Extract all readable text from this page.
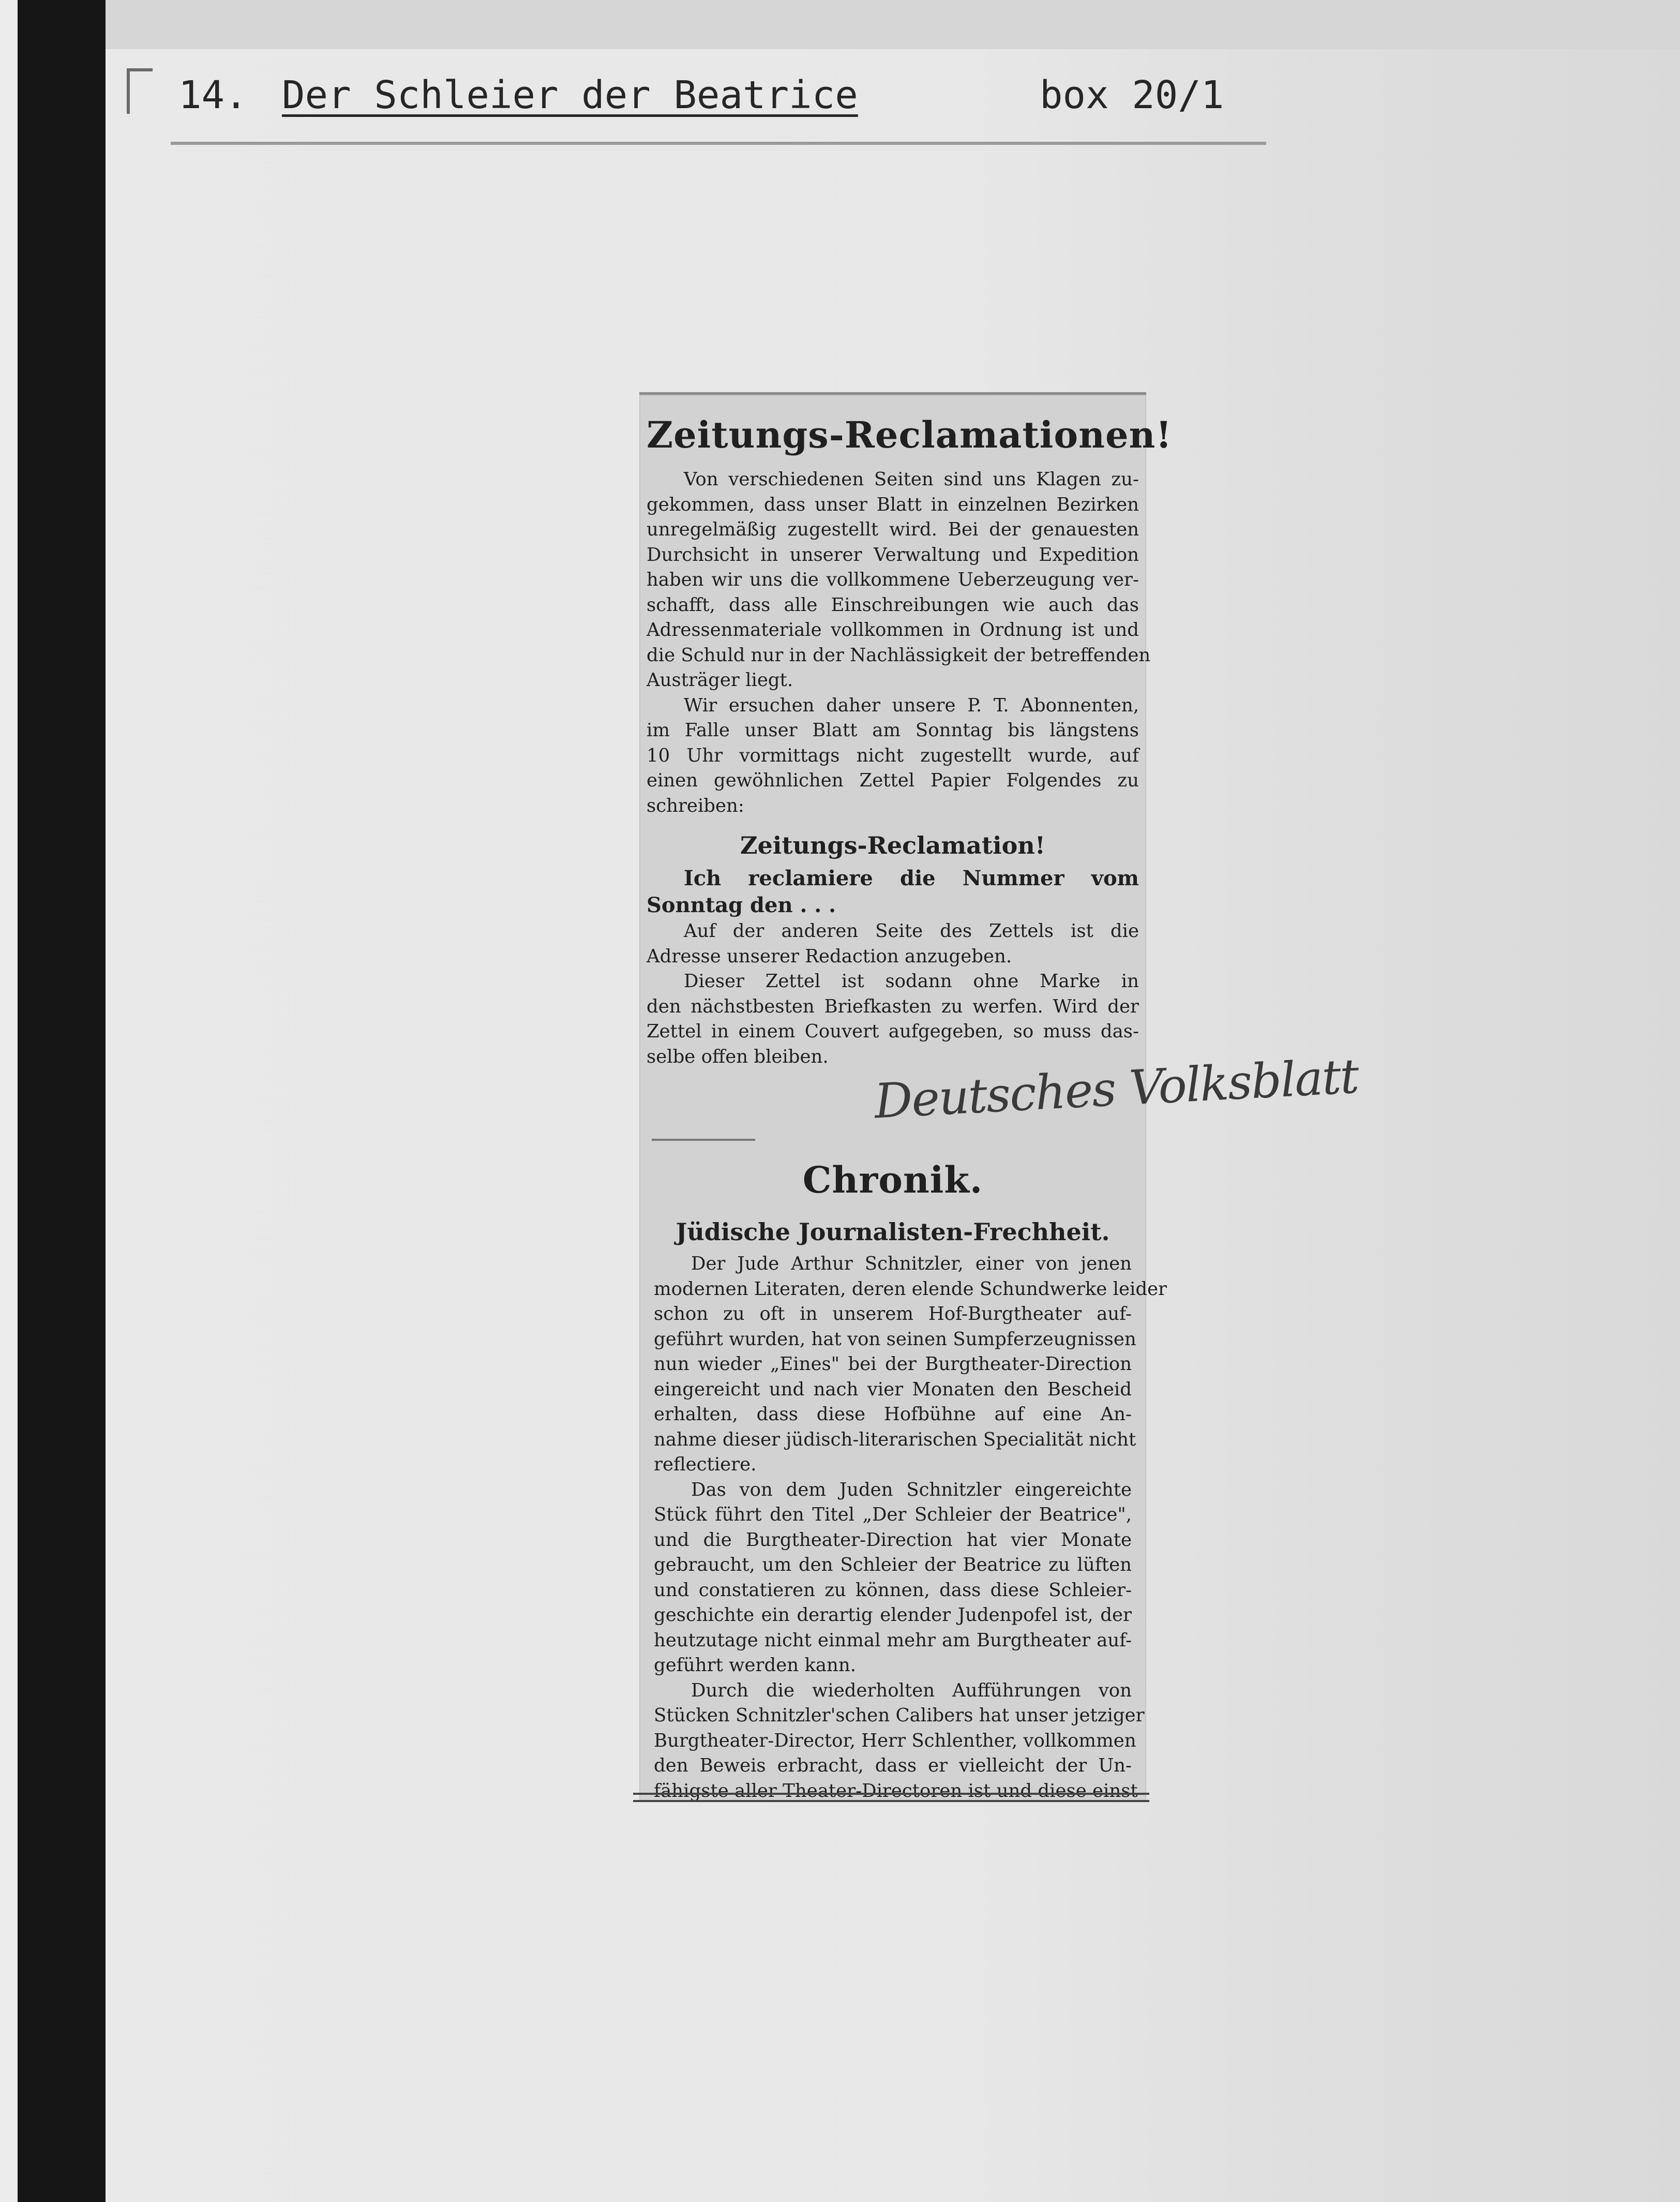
14. Der Schleier der Beatrice	box 20/1
Zeitungs-Reclamationen!
Von verschiedenen Seiten sind uns Klagen zu-
gekommen, dass unser Blatt in einzelnen Bezirken
unregelmäßig zugestellt wird. Bei der genauesten
Durchsicht in unserer Verwaltung und Expedition
haben wir uns die vollkommene Ueberzeugung ver-
schafft, dass alle Einschreibungen wie auch das
Adressenmateriale vollkommen in Ordnung ist und
die Schuld nur in der Nachlässigkeit der betreffenden
Austräger liegt.
Wir ersuchen daher unsere P. T. Abonnenten,
im Falle unser Blatt am Sonntag bis längstens
10 Uhr vormittags nicht zugestellt wurde, auf
einen gewöhnlichen Zettel Papier Folgendes zu
schreiben:
Zeitungs-Reclamation!
Ich reclamiere die Nummer vom
Sonntag den . . .
Auf der anderen Seite des Zettels ist die
Adresse unserer Redaction anzugeben.
Dieser Zettel ist sodann ohne Marke in
den nächstbesten Briefkasten zu werfen. Wird der
Zettel in einem Couvert aufgegeben, so muss das-
selbe offen bleiben. Deutsches Volksblatt
Chronik.
Jüdische Journalisten-Frechheit.
Der Jude Arthur Schnitzler, einer von jenen
modernen Literaten, deren elende Schundwerke leider
schon zu oft in unserem Hof-Burgtheater auf-
geführt wurden, hat von seinen Sumpferzeugnissen
nun wieder „Eines" bei der Burgtheater-Direction
eingereicht und nach vier Monaten den Bescheid
erhalten, dass diese Hofbühne auf eine An-
nahme dieser jüdisch-literarischen Specialität nicht
reflectiere.
Das von dem Juden Schnitzler eingereichte
Stück führt den Titel „Der Schleier der Beatrice",
und die Burgtheater-Direction hat vier Monate
gebraucht, um den Schleier der Beatrice zu lüften
und constatieren zu können, dass diese Schleier-
geschichte ein derartig elender Judenpofel ist, der
heutzutage nicht einmal mehr am Burgtheater auf-
geführt werden kann.
Durch die wiederholten Aufführungen von
Stücken Schnitzler'schen Calibers hat unser jetziger
Burgtheater-Director, Herr Schlenther, vollkommen
den Beweis erbracht, dass er vielleicht der Un-
fähigste aller Theater-Directoren ist und diese einst
